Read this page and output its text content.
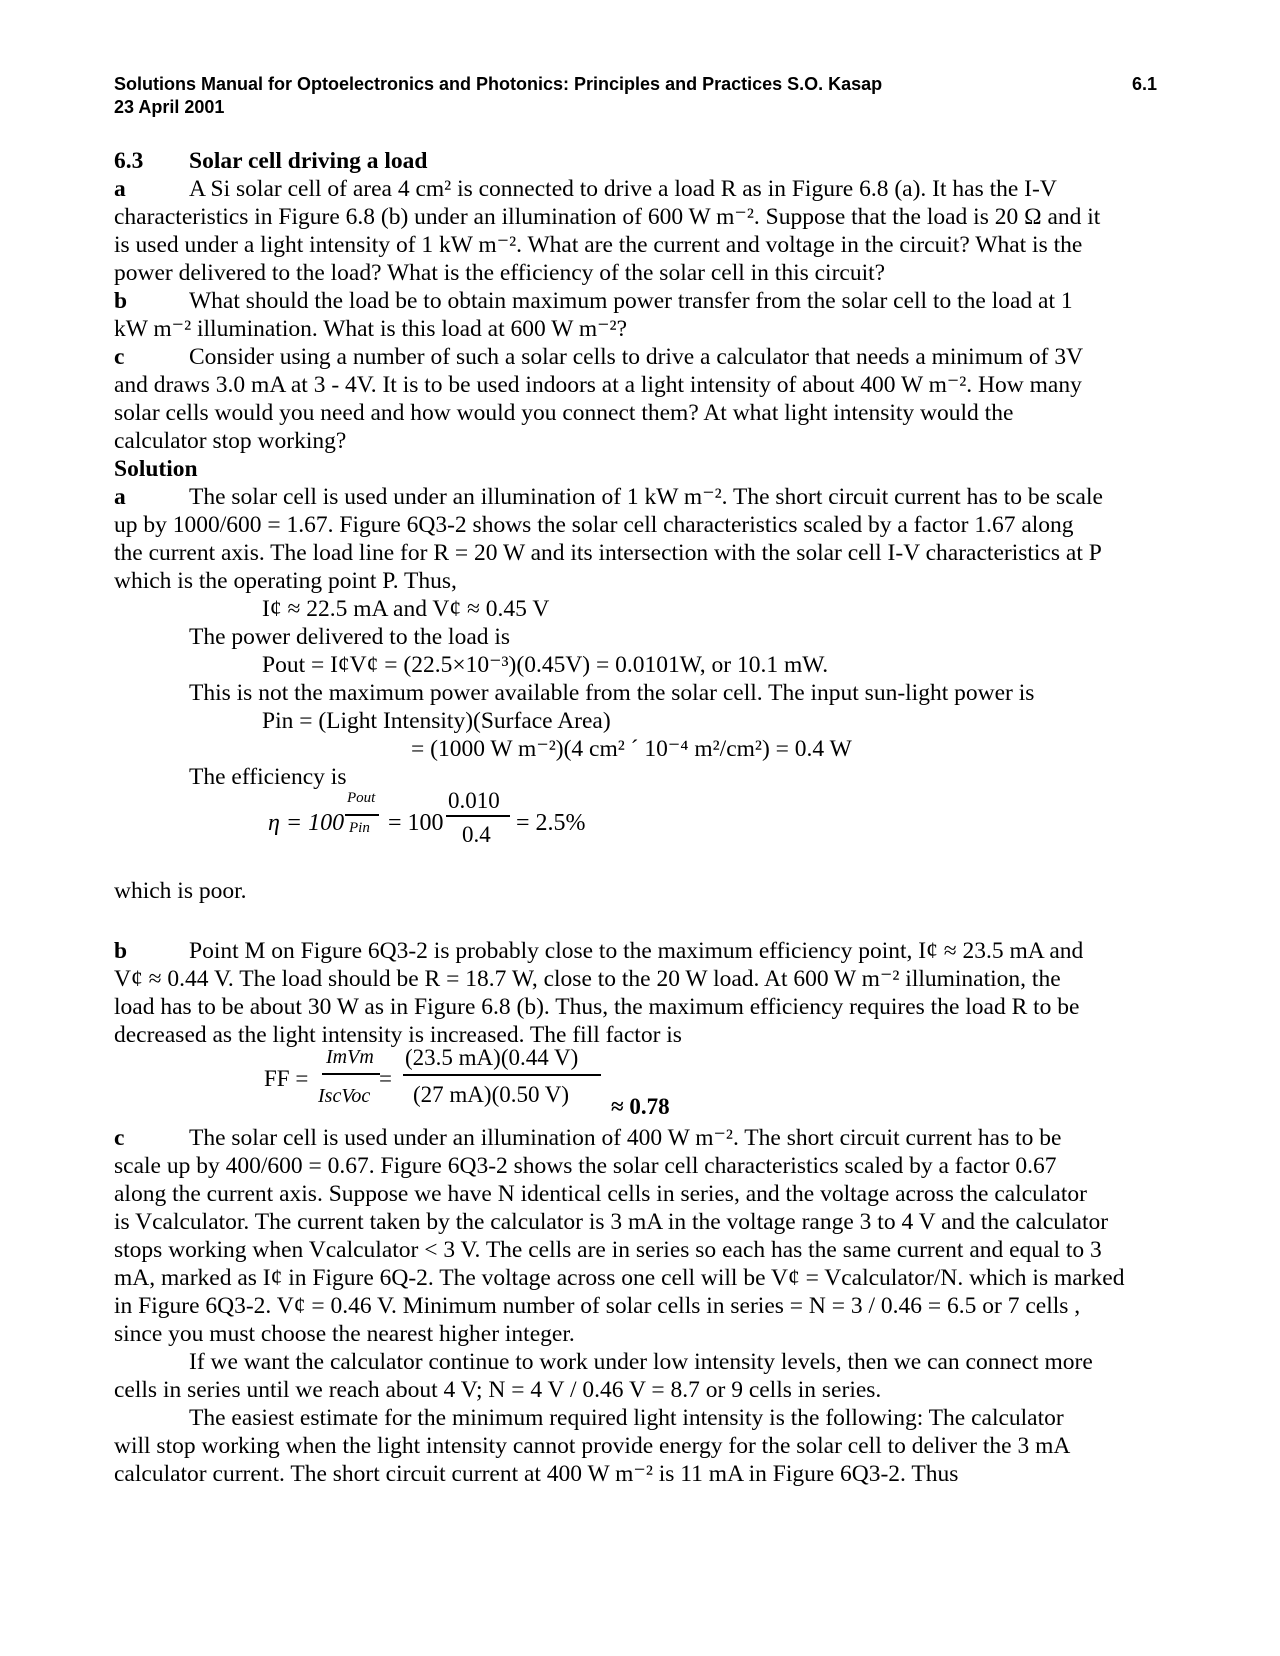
Solutions Manual for Optoelectronics and Photonics: Principles and Practices S.O. Kasap
23 April 2001
6.1
6.3 Solar cell driving a load
a	A Si solar cell of area 4 cm² is connected to drive a load R as in Figure 6.8 (a). It has the I-V
characteristics in Figure 6.8 (b) under an illumination of 600 W m⁻². Suppose that the load is 20 Ω and it
is used under a light intensity of 1 kW m⁻². What are the current and voltage in the circuit? What is the
power delivered to the load? What is the efficiency of the solar cell in this circuit?
b	What should the load be to obtain maximum power transfer from the solar cell to the load at 1
kW m⁻² illumination. What is this load at 600 W m⁻²?
c	Consider using a number of such a solar cells to drive a calculator that needs a minimum of 3V
and draws 3.0 mA at 3 - 4V. It is to be used indoors at a light intensity of about 400 W m⁻². How many
solar cells would you need and how would you connect them? At what light intensity would the
calculator stop working?
Solution
a	The solar cell is used under an illumination of 1 kW m⁻². The short circuit current has to be scale
up by 1000/600 = 1.67. Figure 6Q3-2 shows the solar cell characteristics scaled by a factor 1.67 along
the current axis. The load line for R = 20 W and its intersection with the solar cell I-V characteristics at P
which is the operating point P. Thus,
I¢ ≈ 22.5 mA and V¢ ≈ 0.45 V
The power delivered to the load is
Pout = I¢V¢ = (22.5×10⁻³)(0.45V) = 0.0101W, or 10.1 mW.
This is not the maximum power available from the solar cell. The input sun-light power is
Pin = (Light Intensity)(Surface Area)
= (1000 W m⁻²)(4 cm² ´ 10⁻⁴ m²/cm²) = 0.4 W
The efficiency is
η = 100
Pout
Pin = 100
0.010
0.4 = 2.5%
which is poor.
b	Point M on Figure 6Q3-2 is probably close to the maximum efficiency point, I¢ ≈ 23.5 mA and
V¢ ≈ 0.44 V. The load should be R = 18.7 W, close to the 20 W load. At 600 W m⁻² illumination, the
load has to be about 30 W as in Figure 6.8 (b). Thus, the maximum efficiency requires the load R to be
decreased as the light intensity is increased. The fill factor is
FF =
ImVm
IscVoc
=
(23.5 mA)(0.44 V)
(27 mA)(0.50 V) ≈ 0.78
c	The solar cell is used under an illumination of 400 W m⁻². The short circuit current has to be
scale up by 400/600 = 0.67. Figure 6Q3-2 shows the solar cell characteristics scaled by a factor 0.67
along the current axis. Suppose we have N identical cells in series, and the voltage across the calculator
is Vcalculator. The current taken by the calculator is 3 mA in the voltage range 3 to 4 V and the calculator
stops working when Vcalculator < 3 V. The cells are in series so each has the same current and equal to 3
mA, marked as I¢ in Figure 6Q-2. The voltage across one cell will be V¢ = Vcalculator/N. which is marked
in Figure 6Q3-2. V¢ = 0.46 V. Minimum number of solar cells in series = N = 3 / 0.46 = 6.5 or 7 cells ,
since you must choose the nearest higher integer.
If we want the calculator continue to work under low intensity levels, then we can connect more
cells in series until we reach about 4 V; N = 4 V / 0.46 V = 8.7 or 9 cells in series.
The easiest estimate for the minimum required light intensity is the following: The calculator
will stop working when the light intensity cannot provide energy for the solar cell to deliver the 3 mA
calculator current. The short circuit current at 400 W m⁻² is 11 mA in Figure 6Q3-2. Thus
